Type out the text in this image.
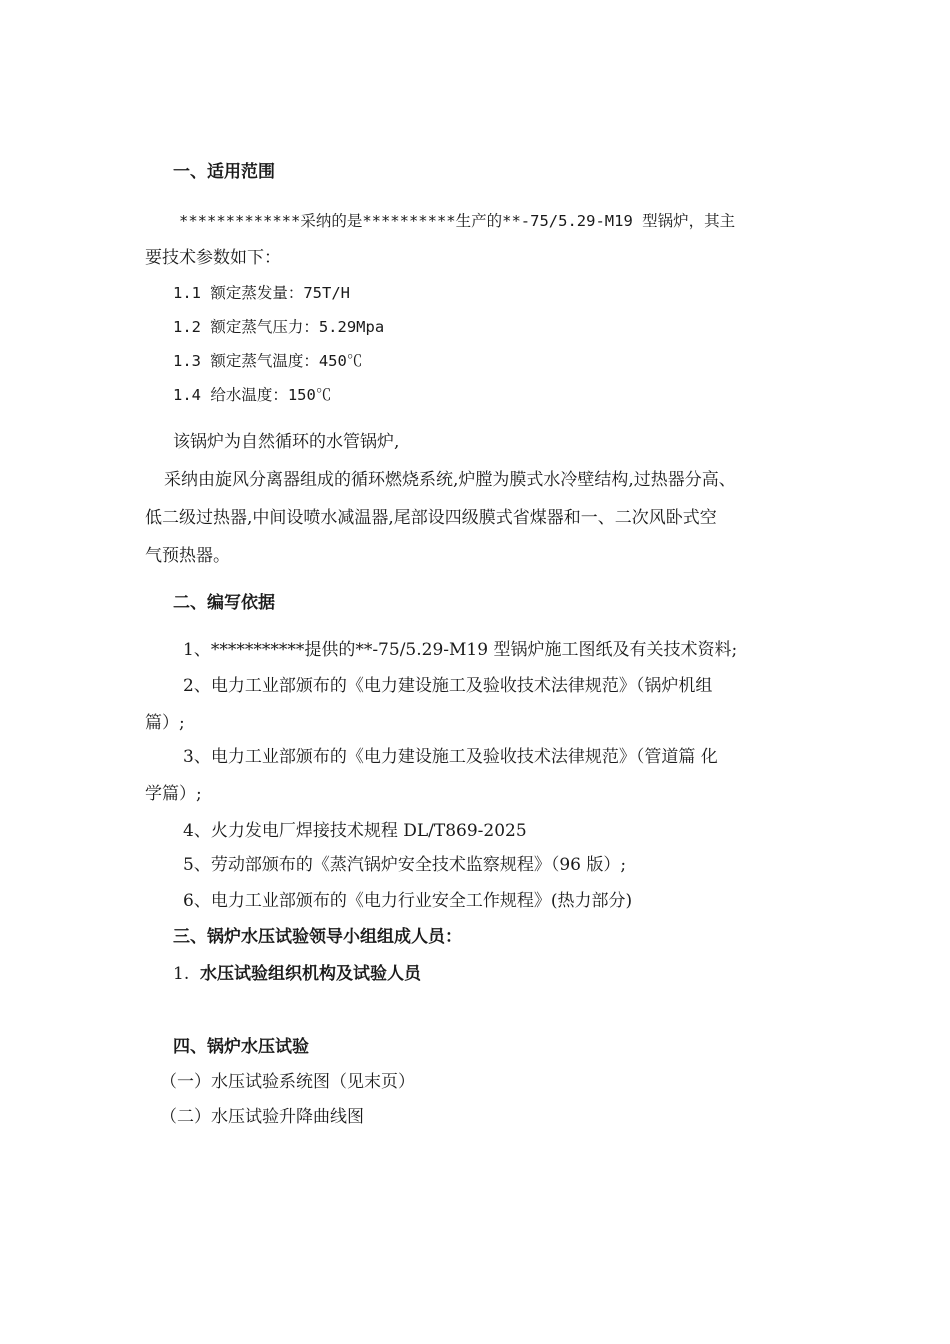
一、适用范围
*************采纳的是**********生产的**-75/5.29-M19 型锅炉，其主
要技术参数如下：
1.1 额定蒸发量：75T/H
1.2 额定蒸气压力：5.29Mpa
1.3 额定蒸气温度：450℃
1.4 给水温度：150℃
该锅炉为自然循环的水管锅炉,
采纳由旋风分离器组成的循环燃烧系统,炉膛为膜式水冷壁结构,过热器分高、
低二级过热器,中间设喷水减温器,尾部设四级膜式省煤器和一、二次风卧式空
气预热器。
二、编写依据
1、***********提供的**-75/5.29-M19 型锅炉施工图纸及有关技术资料;
2、电力工业部颁布的《电力建设施工及验收技术法律规范》（锅炉机组
篇）;
3、电力工业部颁布的《电力建设施工及验收技术法律规范》（管道篇 化
学篇）;
4、火力发电厂焊接技术规程 DL/T869-2025
5、劳动部颁布的《蒸汽锅炉安全技术监察规程》（96 版）;
6、电力工业部颁布的《电力行业安全工作规程》(热力部分)
三、锅炉水压试验领导小组组成人员：
1. 水压试验组织机构及试验人员
四、锅炉水压试验
（一）水压试验系统图（见末页）
（二）水压试验升降曲线图
